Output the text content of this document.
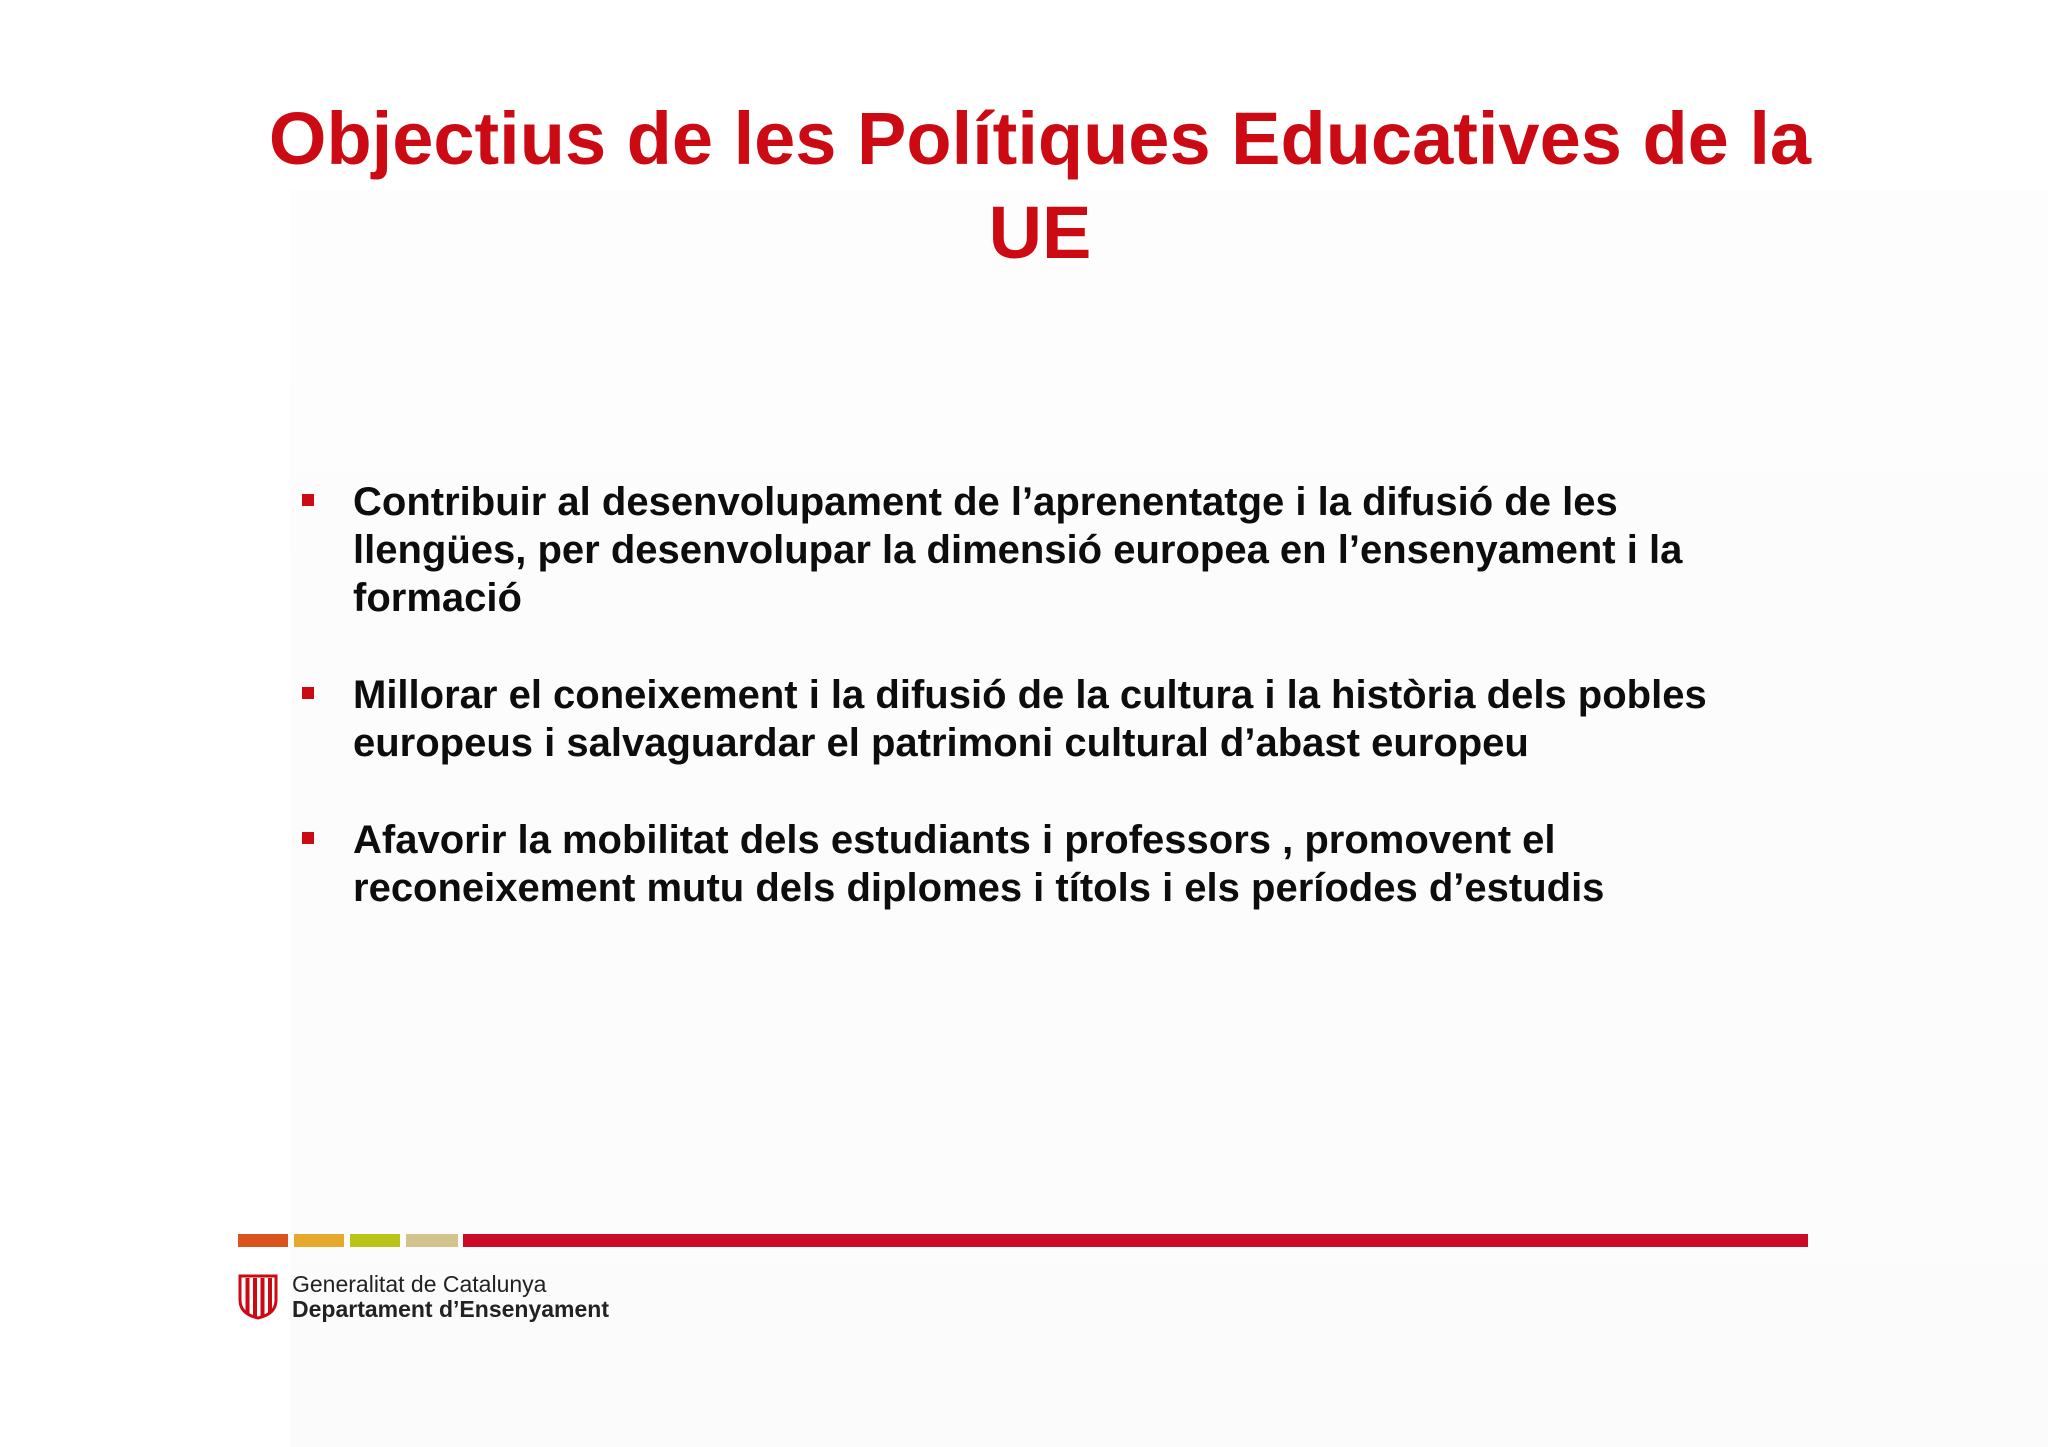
Objectius de les Polítiques Educatives de la UE
Contribuir al desenvolupament de l’aprenentatge i la difusió de les llengües, per desenvolupar la dimensió europea en l’ensenyament i la formació
Millorar el coneixement i la difusió de la cultura i la història dels pobles europeus i salvaguardar el patrimoni cultural d’abast europeu
Afavorir la mobilitat dels estudiants i professors , promovent el reconeixement mutu dels diplomes i títols i els períodes d’estudis
Generalitat de Catalunya
Departament d’Ensenyament
